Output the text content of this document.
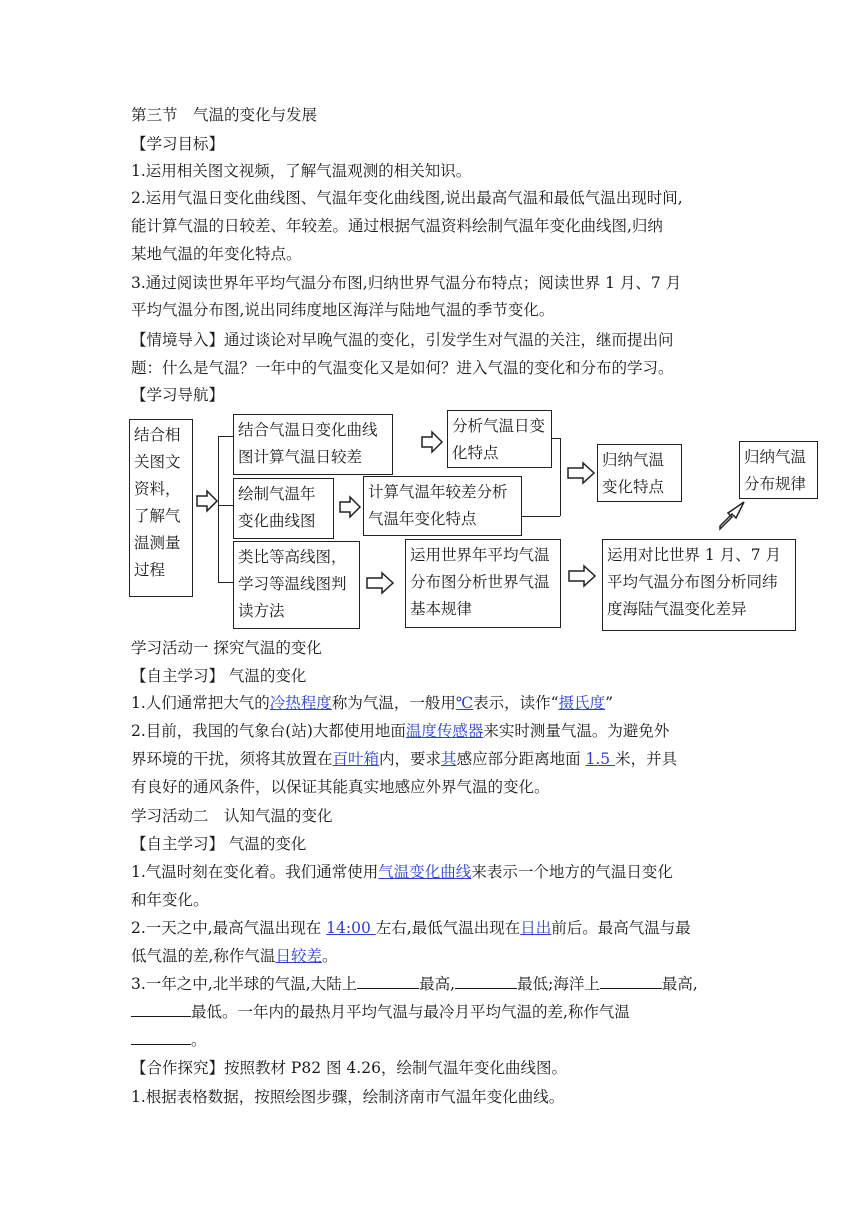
第三节　气温的变化与发展
【学习目标】
1.运用相关图文视频，了解气温观测的相关知识。
2.运用气温日变化曲线图、气温年变化曲线图,说出最高气温和最低气温出现时间,
能计算气温的日较差、年较差。通过根据气温资料绘制气温年变化曲线图,归纳
某地气温的年变化特点。
3.通过阅读世界年平均气温分布图,归纳世界气温分布特点；阅读世界 1 月、7 月
平均气温分布图,说出同纬度地区海洋与陆地气温的季节变化。
【情境导入】通过谈论对早晚气温的变化，引发学生对气温的关注，继而提出问
题：什么是气温？一年中的气温变化又是如何？进入气温的变化和分布的学习。
【学习导航】
结合相关图文资料，了解气温测量过程
结合气温日变化曲线图计算气温日较差
分析气温日变化特点	归纳气温变化特点
归纳气温分布规律
绘制气温年变化曲线图
计算气温年较差分析气温年变化特点
类比等高线图，学习等温线图判读方法
运用世界年平均气温分布图分析世界气温基本规律
运用对比世界 1 月、7 月平均气温分布图分析同纬度海陆气温变化差异
学习活动一 探究气温的变化
【自主学习】 气温的变化
1.人们通常把大气的冷热程度称为气温，一般用℃表示，读作“摄氏度”
2.目前，我国的气象台(站)大都使用地面温度传感器来实时测量气温。为避免外
界环境的干扰，须将其放置在百叶箱内，要求其感应部分距离地面 1.5 米，并具
有良好的通风条件，以保证其能真实地感应外界气温的变化。
学习活动二　认知气温的变化
【自主学习】 气温的变化
1.气温时刻在变化着。我们通常使用气温变化曲线来表示一个地方的气温日变化
和年变化。
2.一天之中,最高气温出现在 14:00 左右,最低气温出现在日出前后。最高气温与最
低气温的差,称作气温日较差。
3.一年之中,北半球的气温,大陆上	最高,	最低;海洋上	最高,
最低。一年内的最热月平均气温与最冷月平均气温的差,称作气温
。
【合作探究】按照教材 P82 图 4.26，绘制气温年变化曲线图。
1.根据表格数据，按照绘图步骤，绘制济南市气温年变化曲线。
